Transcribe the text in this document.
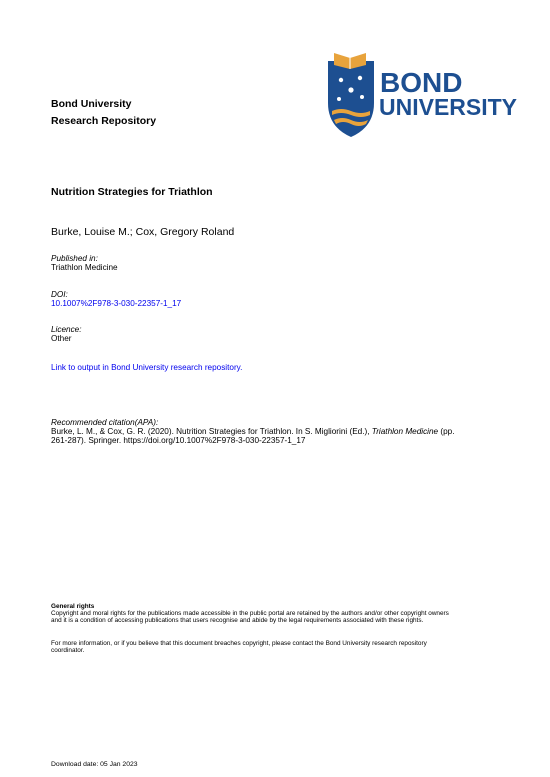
BOND
UNIVERSITY
Bond University
Research Repository
Nutrition Strategies for Triathlon
Burke, Louise M.; Cox, Gregory Roland
Published in:
Triathlon Medicine
DOI:
10.1007%2F978-3-030-22357-1_17
Licence:
Other
Link to output in Bond University research repository.
Recommended citation(APA):
Burke, L. M., & Cox, G. R. (2020). Nutrition Strategies for Triathlon. In S. Migliorini (Ed.), Triathlon Medicine (pp.
261-287). Springer. https://doi.org/10.1007%2F978-3-030-22357-1_17
General rights
Copyright and moral rights for the publications made accessible in the public portal are retained by the authors and/or other copyright owners
and it is a condition of accessing publications that users recognise and abide by the legal requirements associated with these rights.
For more information, or if you believe that this document breaches copyright, please contact the Bond University research repository
coordinator.
Download date: 05 Jan 2023
